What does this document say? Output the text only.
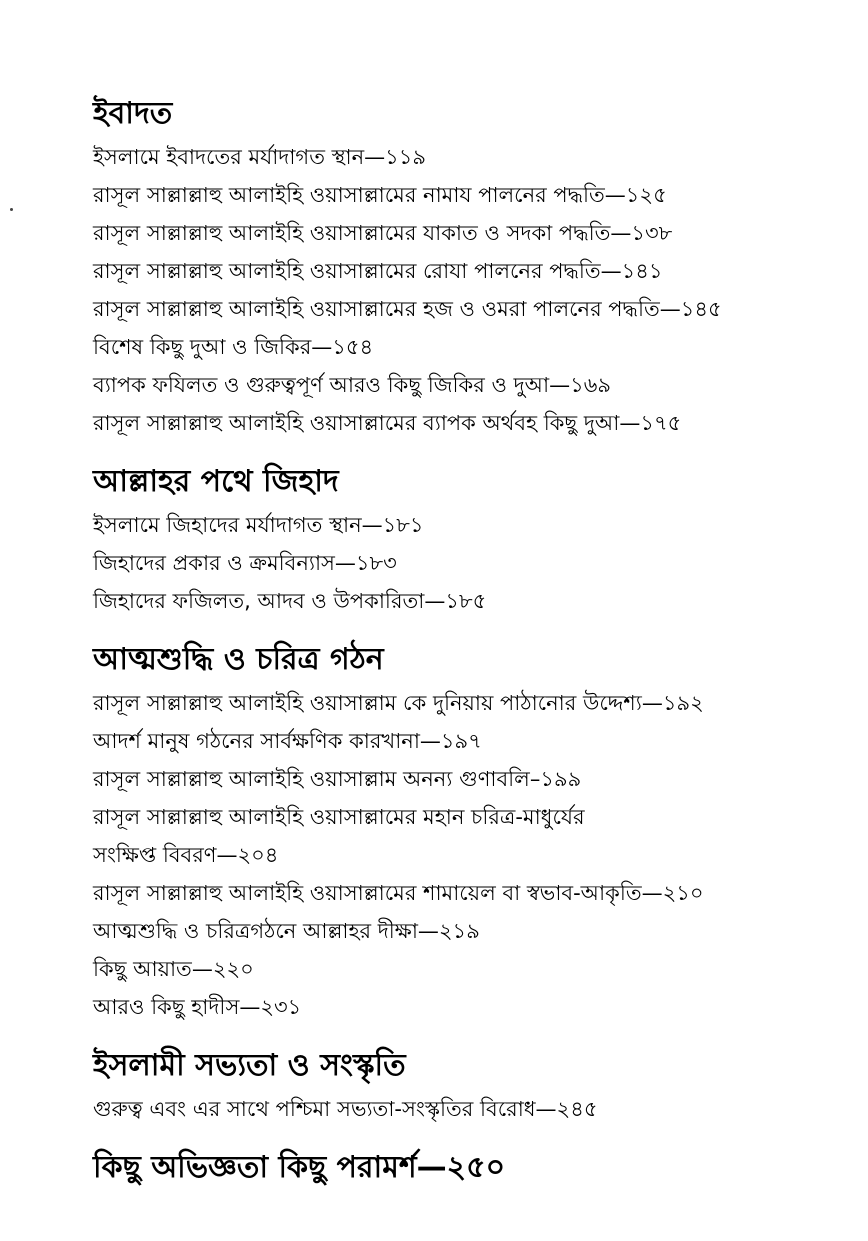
ইবাদত
ইসলামে ইবাদতের মর্যাদাগত স্থান—১১৯
রাসূল সাল্লাল্লাহু আলাইহি ওয়াসাল্লামের নামায পালনের পদ্ধতি—১২৫
রাসূল সাল্লাল্লাহু আলাইহি ওয়াসাল্লামের যাকাত ও সদকা পদ্ধতি—১৩৮
রাসূল সাল্লাল্লাহু আলাইহি ওয়াসাল্লামের রোযা পালনের পদ্ধতি—১৪১
রাসূল সাল্লাল্লাহু আলাইহি ওয়াসাল্লামের হজ ও ওমরা পালনের পদ্ধতি—১৪৫
বিশেষ কিছু দুআ ও জিকির—১৫৪
ব্যাপক ফযিলত ও গুরুত্বপূর্ণ আরও কিছু জিকির ও দুআ—১৬৯
রাসূল সাল্লাল্লাহু আলাইহি ওয়াসাল্লামের ব্যাপক অর্থবহ কিছু দুআ—১৭৫
আল্লাহর পথে জিহাদ
ইসলামে জিহাদের মর্যাদাগত স্থান—১৮১
জিহাদের প্রকার ও ক্রমবিন্যাস—১৮৩
জিহাদের ফজিলত, আদব ও উপকারিতা—১৮৫
আত্মশুদ্ধি ও চরিত্র গঠন
রাসূল সাল্লাল্লাহু আলাইহি ওয়াসাল্লাম কে দুনিয়ায় পাঠানোর উদ্দেশ্য—১৯২
আদর্শ মানুষ গঠনের সার্বক্ষণিক কারখানা—১৯৭
রাসূল সাল্লাল্লাহু আলাইহি ওয়াসাল্লাম অনন্য গুণাবলি–১৯৯
রাসূল সাল্লাল্লাহু আলাইহি ওয়াসাল্লামের মহান চরিত্র-মাধুর্যের
সংক্ষিপ্ত বিবরণ—২০৪
রাসূল সাল্লাল্লাহু আলাইহি ওয়াসাল্লামের শামায়েল বা স্বভাব-আকৃতি—২১০
আত্মশুদ্ধি ও চরিত্রগঠনে আল্লাহর দীক্ষা—২১৯
কিছু আয়াত—২২০
আরও কিছু হাদীস—২৩১
ইসলামী সভ্যতা ও সংস্কৃতি
গুরুত্ব এবং এর সাথে পশ্চিমা সভ্যতা-সংস্কৃতির বিরোধ—২৪৫
কিছু অভিজ্ঞতা কিছু পরামর্শ—২৫০
